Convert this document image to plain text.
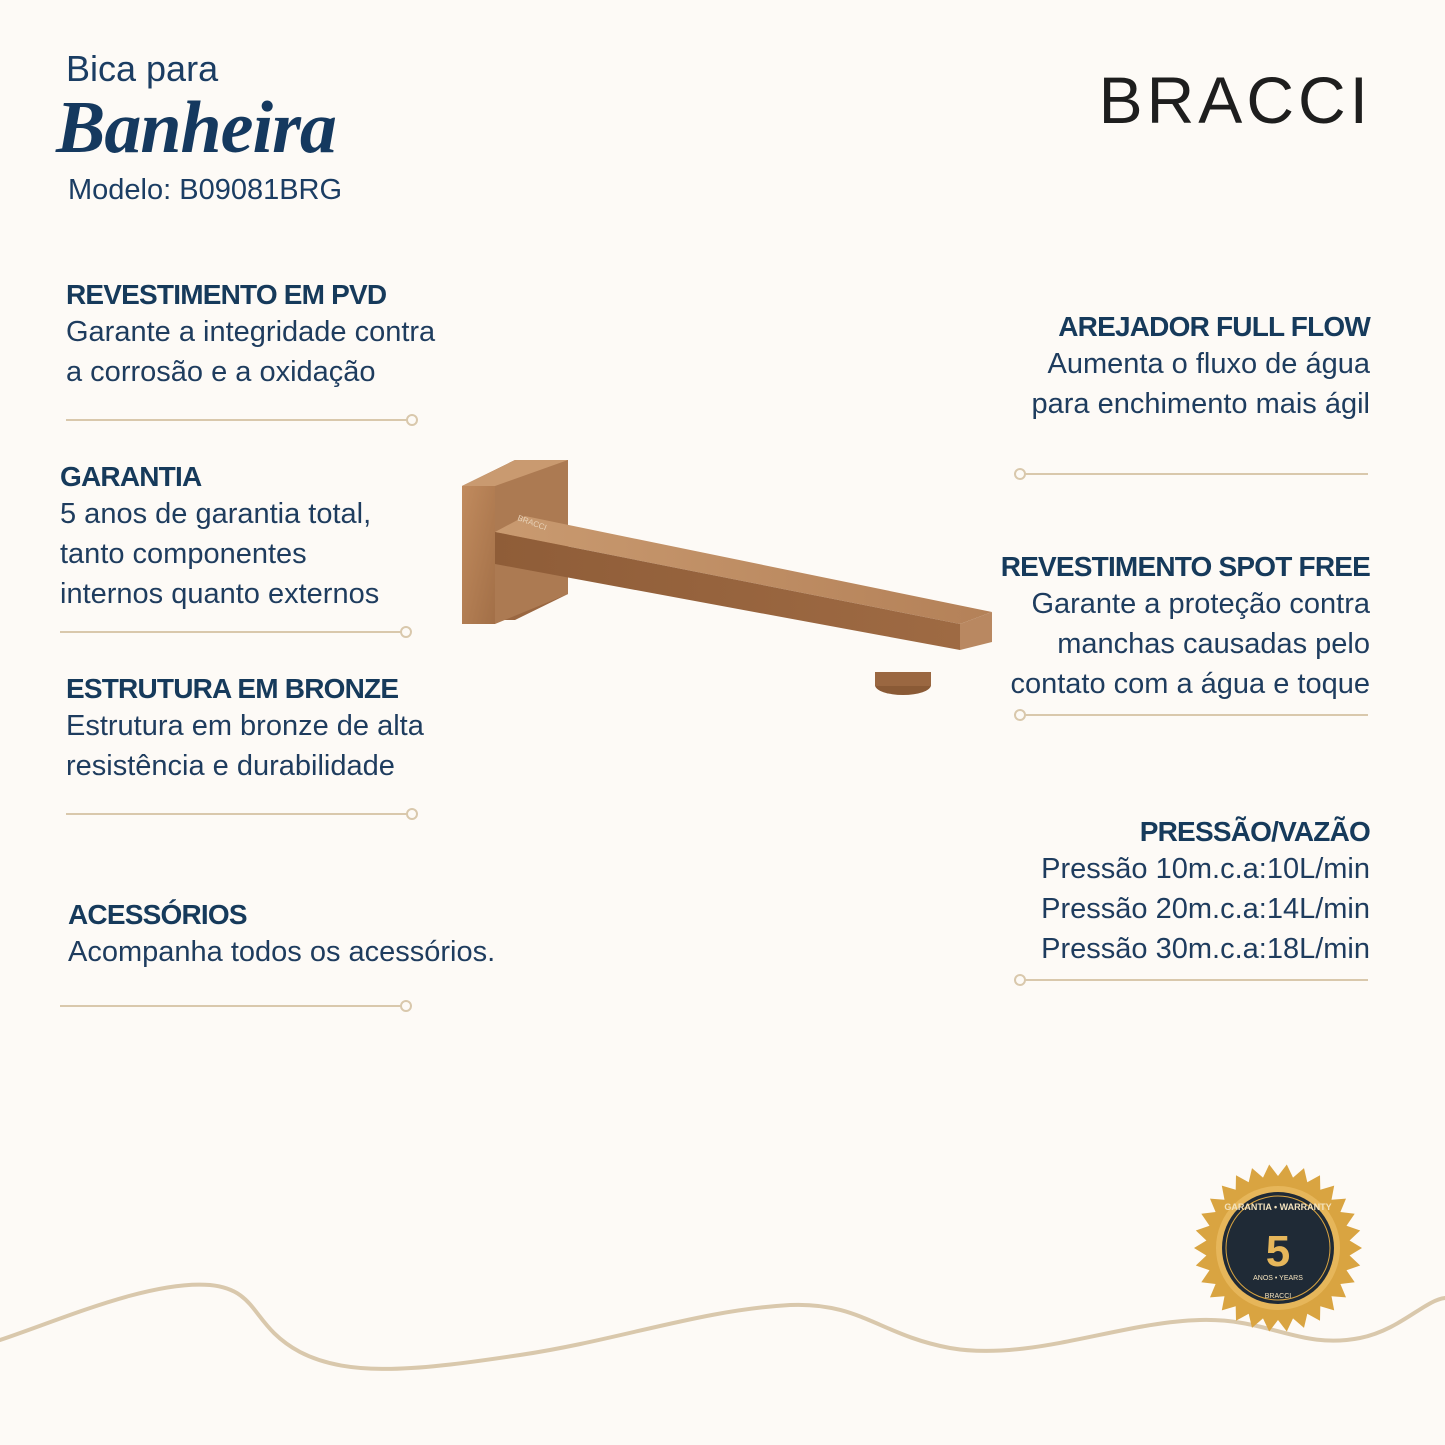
Bica para
Banheira
Modelo: B09081BRG
BRACCI
REVESTIMENTO EM PVD
Garante a integridade contra
a corrosão e a oxidação
GARANTIA
5 anos de garantia total,
tanto componentes
internos quanto externos
ESTRUTURA EM BRONZE
Estrutura em bronze de alta
resistência e durabilidade
ACESSÓRIOS
Acompanha todos os acessórios.
AREJADOR FULL FLOW
Aumenta o fluxo de água
para enchimento mais ágil
REVESTIMENTO SPOT FREE
Garante a proteção contra
manchas causadas pelo
contato com a água e toque
PRESSÃO/VAZÃO
Pressão 10m.c.a:10L/min
Pressão 20m.c.a:14L/min
Pressão 30m.c.a:18L/min
BRACCI
GARANTIA • WARRANTY
5
ANOS • YEARS
BRACCI
